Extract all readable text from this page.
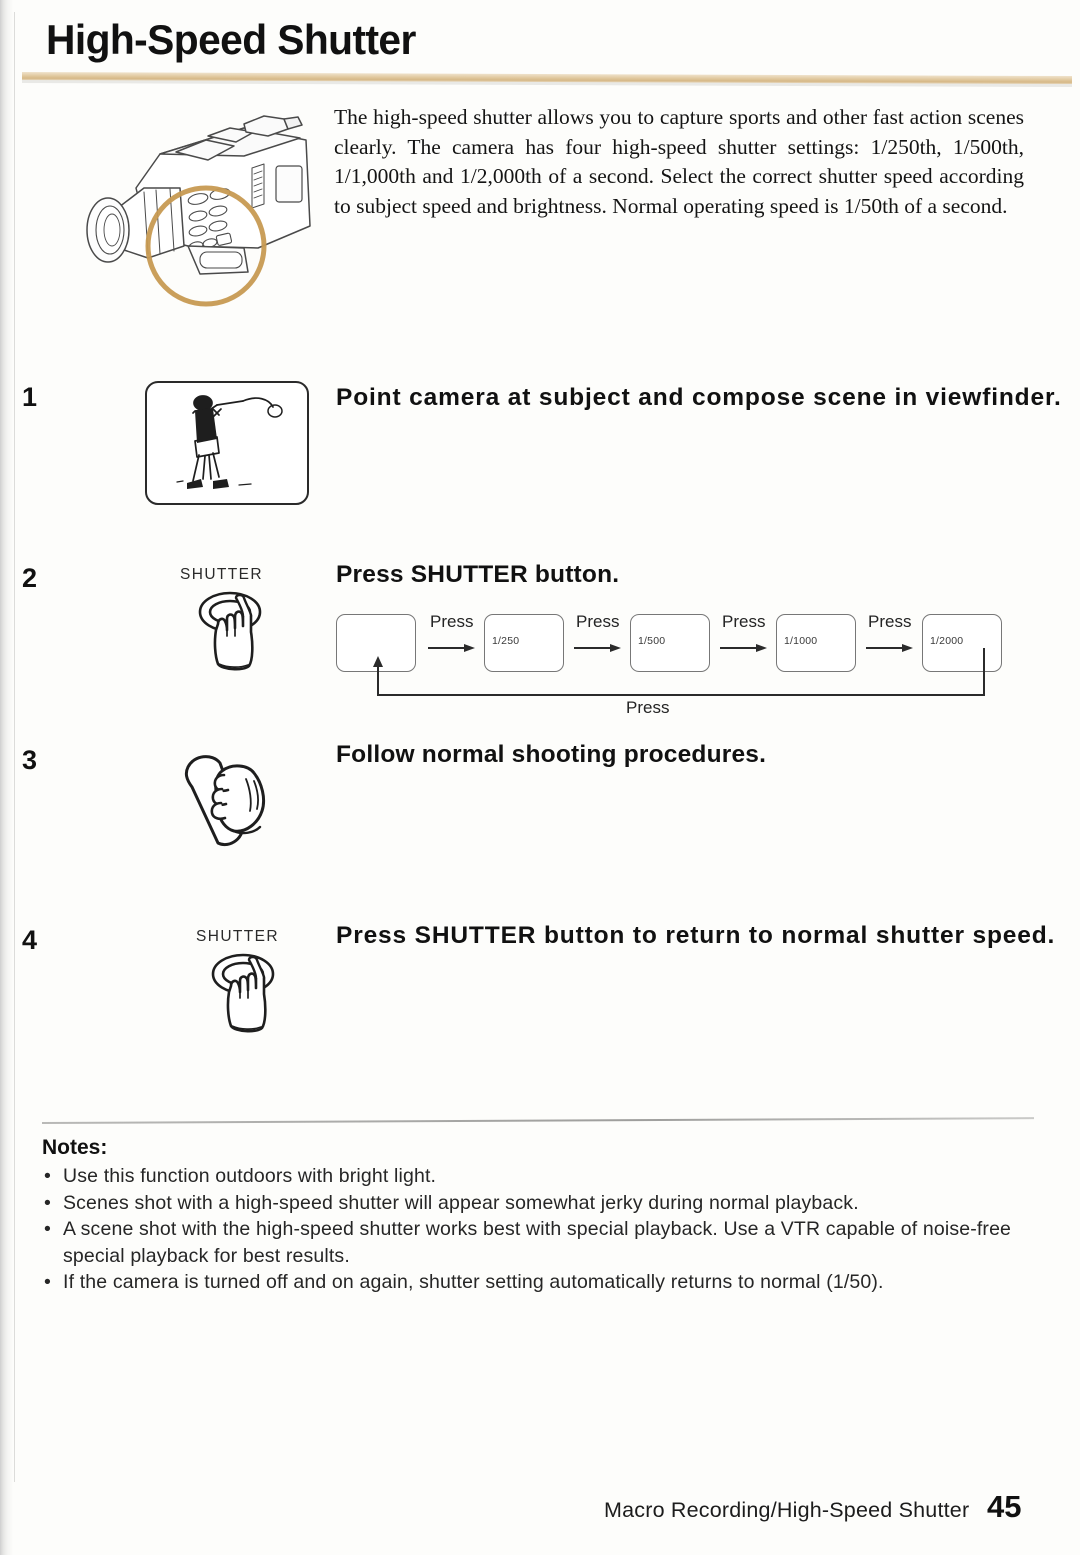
High-Speed Shutter
The high-speed shutter allows you to capture sports and other fast action scenes clearly. The camera has four high-speed shutter settings: 1/250th, 1/500th, 1/1,000th and 1/2,000th of a second. Select the correct shutter speed according to subject speed and brightness. Normal operating speed is 1/50th of a second.
1	Point camera at subject and compose scene in viewfinder.
2	SHUTTER	Press SHUTTER button.
Press
1/250
Press
1/500
Press
1/1000
Press
1/2000
Press
3	Follow normal shooting procedures.
4	SHUTTER Press SHUTTER button to return to normal shutter speed.
Notes:
• Use this function outdoors with bright light.
• Scenes shot with a high-speed shutter will appear somewhat jerky during normal playback.
• A scene shot with the high-speed shutter works best with special playback. Use a VTR capable of noise-free special playback for best results.
• If the camera is turned off and on again, shutter setting automatically returns to normal (1/50).
Macro Recording/High-Speed Shutter 45
